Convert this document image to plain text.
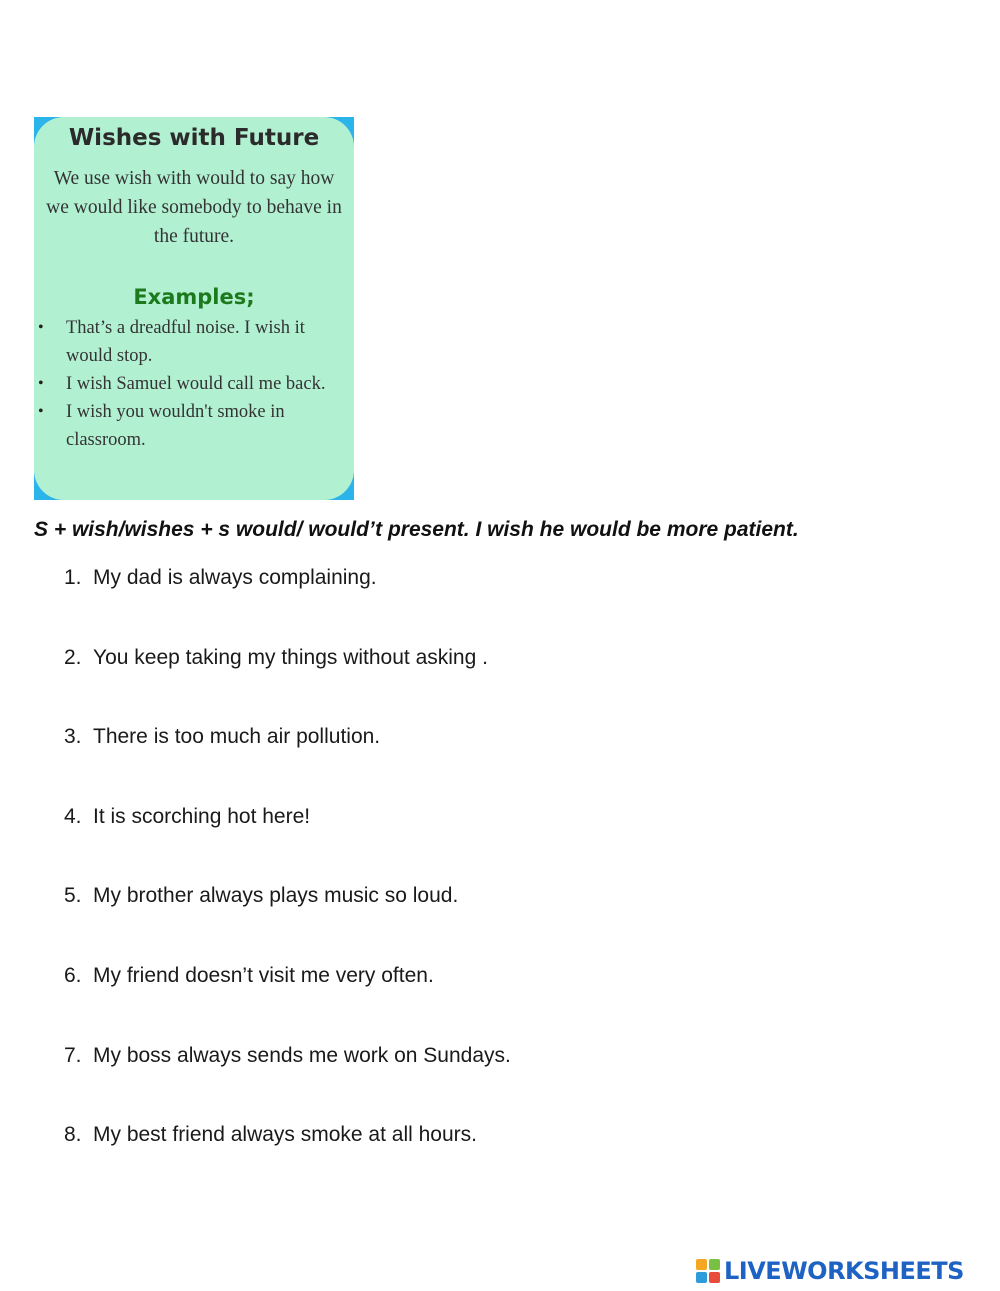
Wishes with Future
We use wish with would to say how we would like somebody to behave in the future.
Examples;
• That’s a dreadful noise. I wish it would stop.
• I wish Samuel would call me back.
• I wish you wouldn't smoke in classroom.
S + wish/wishes + s would/ would’t present. I wish he would be more patient.
1. My dad is always complaining.
2. You keep taking my things without asking .
3. There is too much air pollution.
4. It is scorching hot here!
5. My brother always plays music so loud.
6. My friend doesn’t visit me very often.
7. My boss always sends me work on Sundays.
8. My best friend always smoke at all hours.
LIVEWORKSHEETS
